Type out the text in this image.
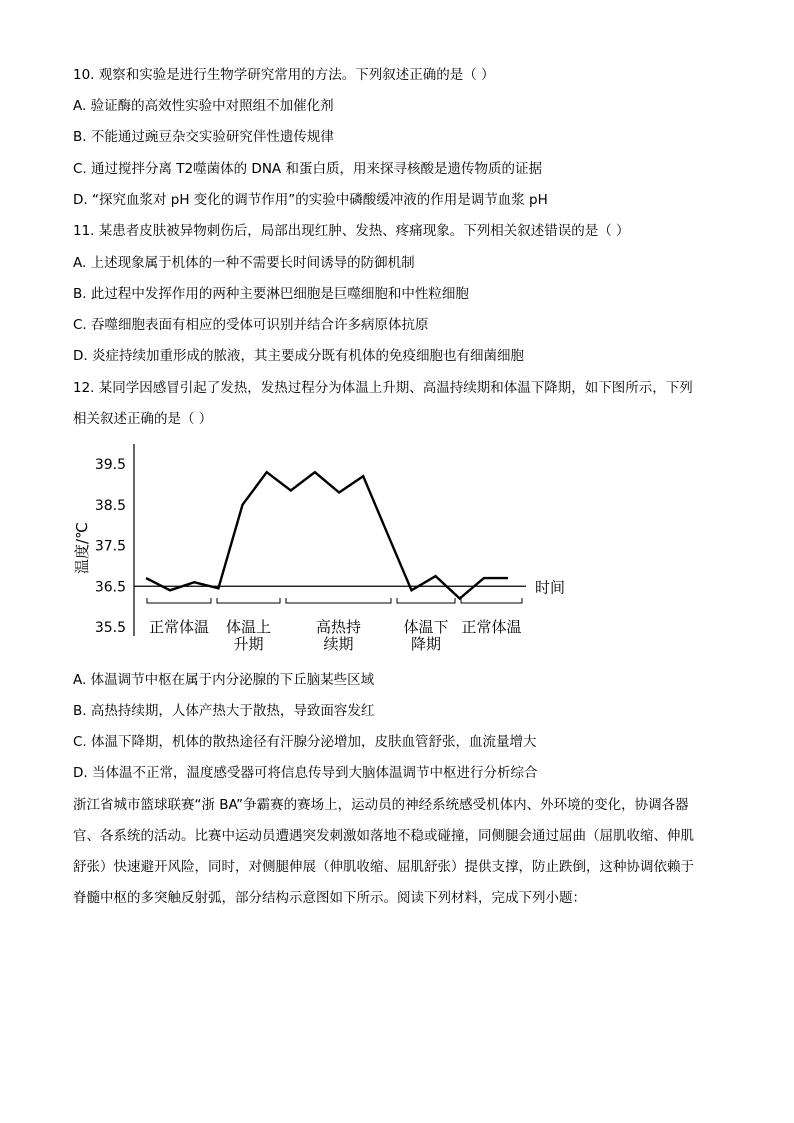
10. 观察和实验是进行生物学研究常用的方法。下列叙述正确的是（ ）
A. 验证酶的高效性实验中对照组不加催化剂
B. 不能通过豌豆杂交实验研究伴性遗传规律
C. 通过搅拌分离 T2噬菌体的 DNA 和蛋白质，用来探寻核酸是遗传物质的证据
D. “探究血浆对 pH 变化的调节作用”的实验中磷酸缓冲液的作用是调节血浆 pH
11. 某患者皮肤被异物刺伤后，局部出现红肿、发热、疼痛现象。下列相关叙述错误的是（ ）
A. 上述现象属于机体的一种不需要长时间诱导的防御机制
B. 此过程中发挥作用的两种主要淋巴细胞是巨噬细胞和中性粒细胞
C. 吞噬细胞表面有相应的受体可识别并结合许多病原体抗原
D. 炎症持续加重形成的脓液，其主要成分既有机体的免疫细胞也有细菌细胞
12. 某同学因感冒引起了发热，发热过程分为体温上升期、高温持续期和体温下降期，如下图所示，下列
相关叙述正确的是（ ）
39.5
38.5
37.5
36.5
35.5
温度/℃
时间
正常体温 体温上
升期
高热持
续期
体温下
降期
正常体温
A. 体温调节中枢在属于内分泌腺的下丘脑某些区域
B. 高热持续期，人体产热大于散热，导致面容发红
C. 体温下降期，机体的散热途径有汗腺分泌增加，皮肤血管舒张，血流量增大
D. 当体温不正常，温度感受器可将信息传导到大脑体温调节中枢进行分析综合
浙江省城市篮球联赛“浙 BA”争霸赛的赛场上，运动员的神经系统感受机体内、外环境的变化，协调各器
官、各系统的活动。比赛中运动员遭遇突发刺激如落地不稳或碰撞，同侧腿会通过屈曲（屈肌收缩、伸肌
舒张）快速避开风险，同时，对侧腿伸展（伸肌收缩、屈肌舒张）提供支撑，防止跌倒，这种协调依赖于
脊髓中枢的多突触反射弧，部分结构示意图如下所示。阅读下列材料，完成下列小题：
